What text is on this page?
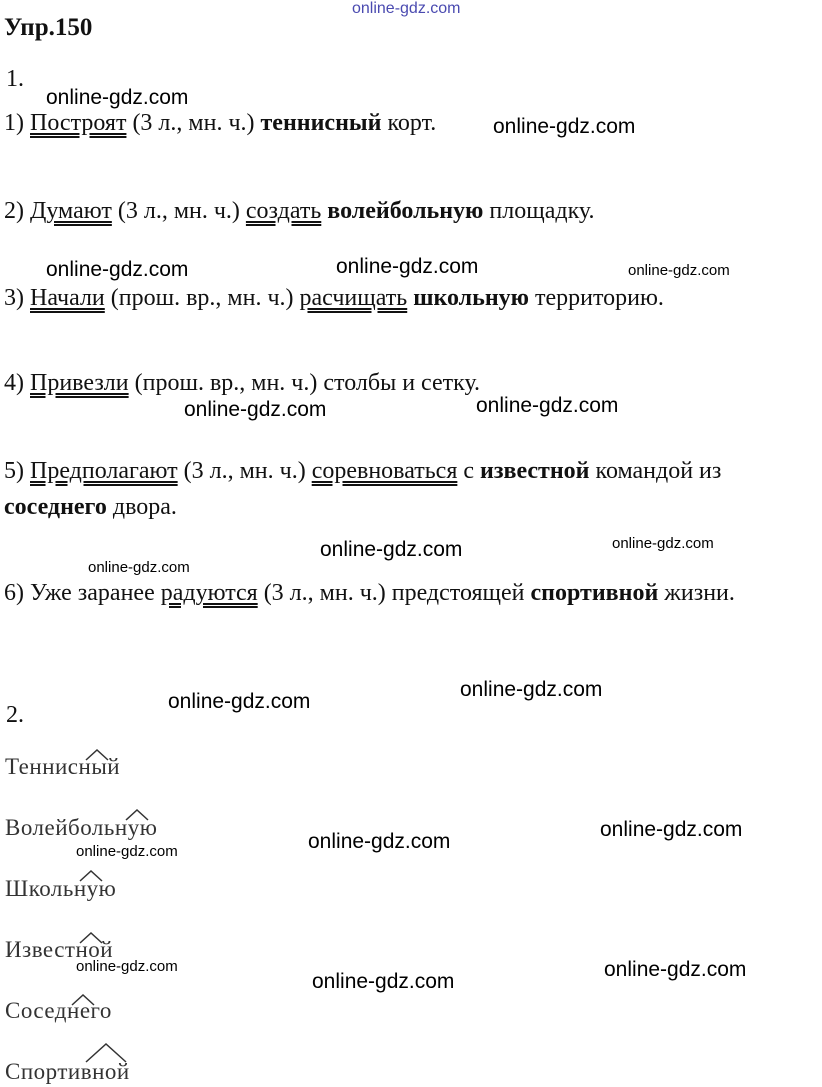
Упр.150
online-gdz.com
1.
1) Построят (3 л., мн. ч.) теннисный корт.
2) Думают (3 л., мн. ч.) создать волейбольную площадку.
3) Начали (прош. вр., мн. ч.) расчищать школьную территорию.
4) Привезли (прош. вр., мн. ч.) столбы и сетку.
5) Предполагают (3 л., мн. ч.) соревноваться с известной командой из
соседнего двора.
6) Уже заранее радуются (3 л., мн. ч.) предстоящей спортивной жизни.
2.
Теннисный
Волейбольную
Школьную
Известной
Соседнего
Спортивной
online-gdz.com
online-gdz.com
online-gdz.com	online-gdz.com	online-gdz.com
online-gdz.com	online-gdz.com
online-gdz.com
online-gdz.com
online-gdz.com
online-gdz.com
online-gdz.com
online-gdz.com
online-gdz.com
online-gdz.com
online-gdz.com
online-gdz.com
online-gdz.com
